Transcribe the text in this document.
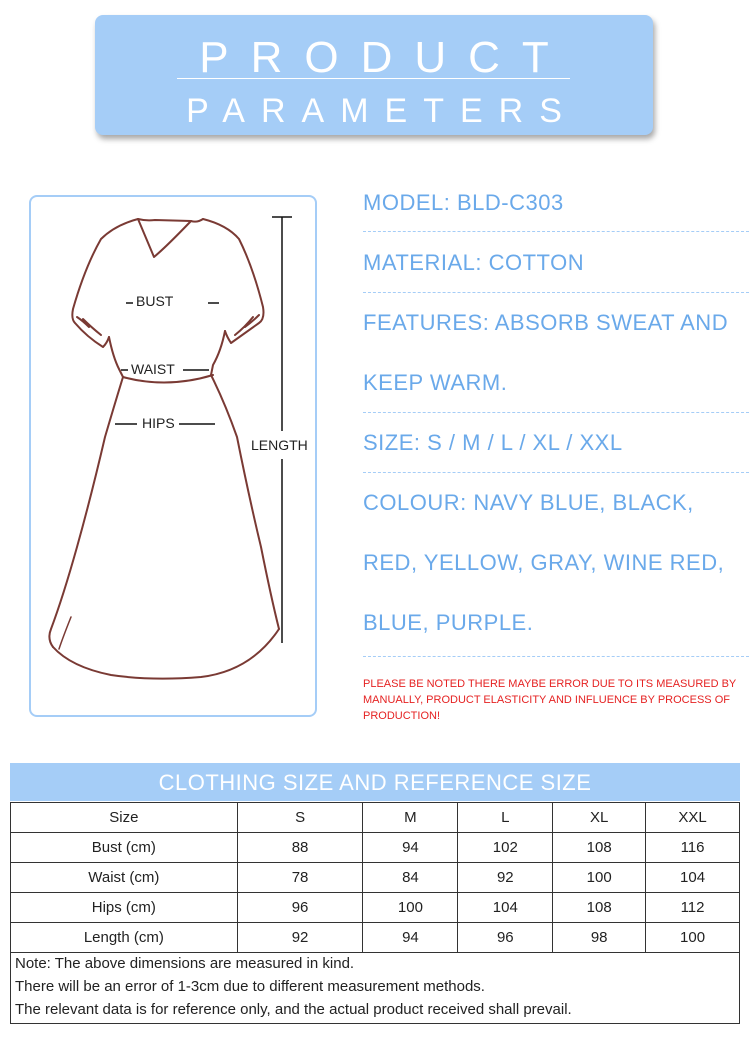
PRODUCT
PARAMETERS
BUST
WAIST
HIPS
LENGTH
MODEL: BLD-C303
MATERIAL: COTTON
FEATURES: ABSORB SWEAT AND
KEEP WARM.
SIZE: S / M / L / XL / XXL
COLOUR: NAVY BLUE, BLACK,
RED, YELLOW, GRAY, WINE RED,
BLUE, PURPLE.
PLEASE BE NOTED THERE MAYBE ERROR DUE TO ITS MEASURED BY MANUALLY, PRODUCT ELASTICITY AND INFLUENCE BY PROCESS OF PRODUCTION!
CLOTHING SIZE AND REFERENCE SIZE
Size	S	M	L	XL	XXL
Bust (cm)	88	94	102	108	116
Waist (cm)	78	84	92	100	104
Hips (cm)	96	100	104	108	112
Length (cm)	92	94	96	98	100
Note: The above dimensions are measured in kind.
There will be an error of 1-3cm due to different measurement methods.
The relevant data is for reference only, and the actual product received shall prevail.
